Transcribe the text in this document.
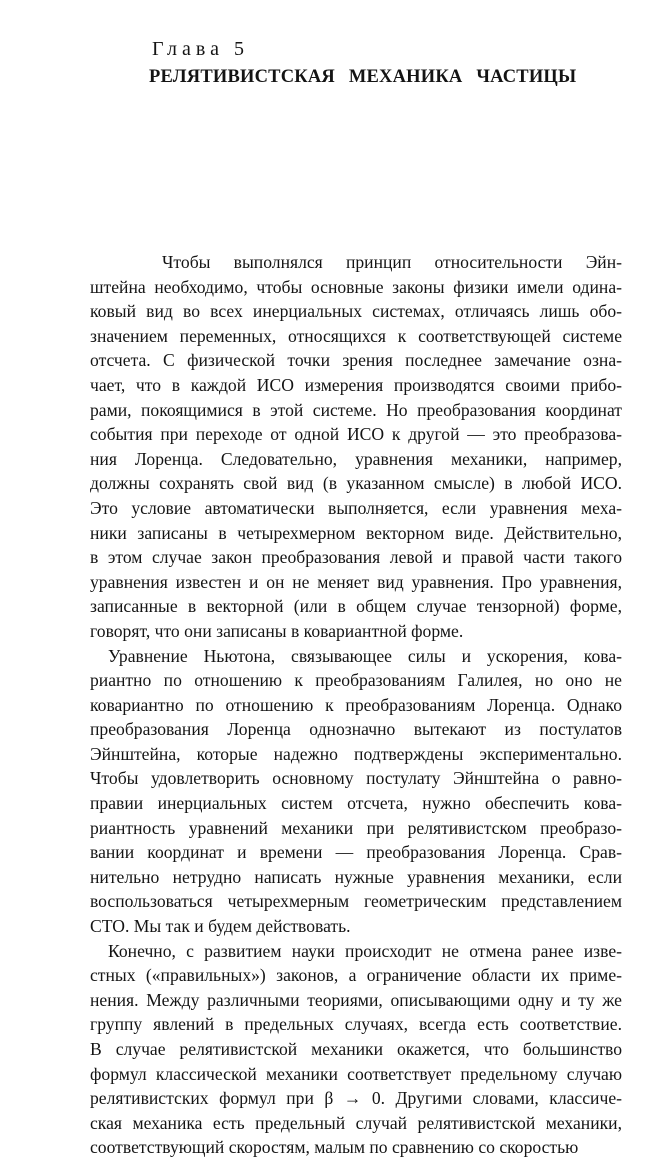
Глава 5
РЕЛЯТИВИСТСКАЯ МЕХАНИКА ЧАСТИЦЫ
Чтобы выполнялся принцип относительности Эйн-
штейна необходимо, чтобы основные законы физики имели одина-
ковый вид во всех инерциальных системах, отличаясь лишь обо-
значением переменных, относящихся к соответствующей системе
отсчета. С физической точки зрения последнее замечание озна-
чает, что в каждой ИСО измерения производятся своими прибо-
рами, покоящимися в этой системе. Но преобразования координат
события при переходе от одной ИСО к другой — это преобразова-
ния Лоренца. Следовательно, уравнения механики, например,
должны сохранять свой вид (в указанном смысле) в любой ИСО.
Это условие автоматически выполняется, если уравнения меха-
ники записаны в четырехмерном векторном виде. Действительно,
в этом случае закон преобразования левой и правой части такого
уравнения известен и он не меняет вид уравнения. Про уравнения,
записанные в векторной (или в общем случае тензорной) форме,
говорят, что они записаны в ковариантной форме.
Уравнение Ньютона, связывающее силы и ускорения, кова-
риантно по отношению к преобразованиям Галилея, но оно не
ковариантно по отношению к преобразованиям Лоренца. Однако
преобразования Лоренца однозначно вытекают из постулатов
Эйнштейна, которые надежно подтверждены экспериментально.
Чтобы удовлетворить основному постулату Эйнштейна о равно-
правии инерциальных систем отсчета, нужно обеспечить кова-
риантность уравнений механики при релятивистском преобразо-
вании координат и времени — преобразования Лоренца. Срав-
нительно нетрудно написать нужные уравнения механики, если
воспользоваться четырехмерным геометрическим представлением
СТО. Мы так и будем действовать.
Конечно, с развитием науки происходит не отмена ранее изве-
стных («правильных») законов, а ограничение области их приме-
нения. Между различными теориями, описывающими одну и ту же
группу явлений в предельных случаях, всегда есть соответствие.
В случае релятивистской механики окажется, что большинство
формул классической механики соответствует предельному случаю
релятивистских формул при β → 0. Другими словами, классиче-
ская механика есть предельный случай релятивистской механики,
соответствующий скоростям, малым по сравнению со скоростью
